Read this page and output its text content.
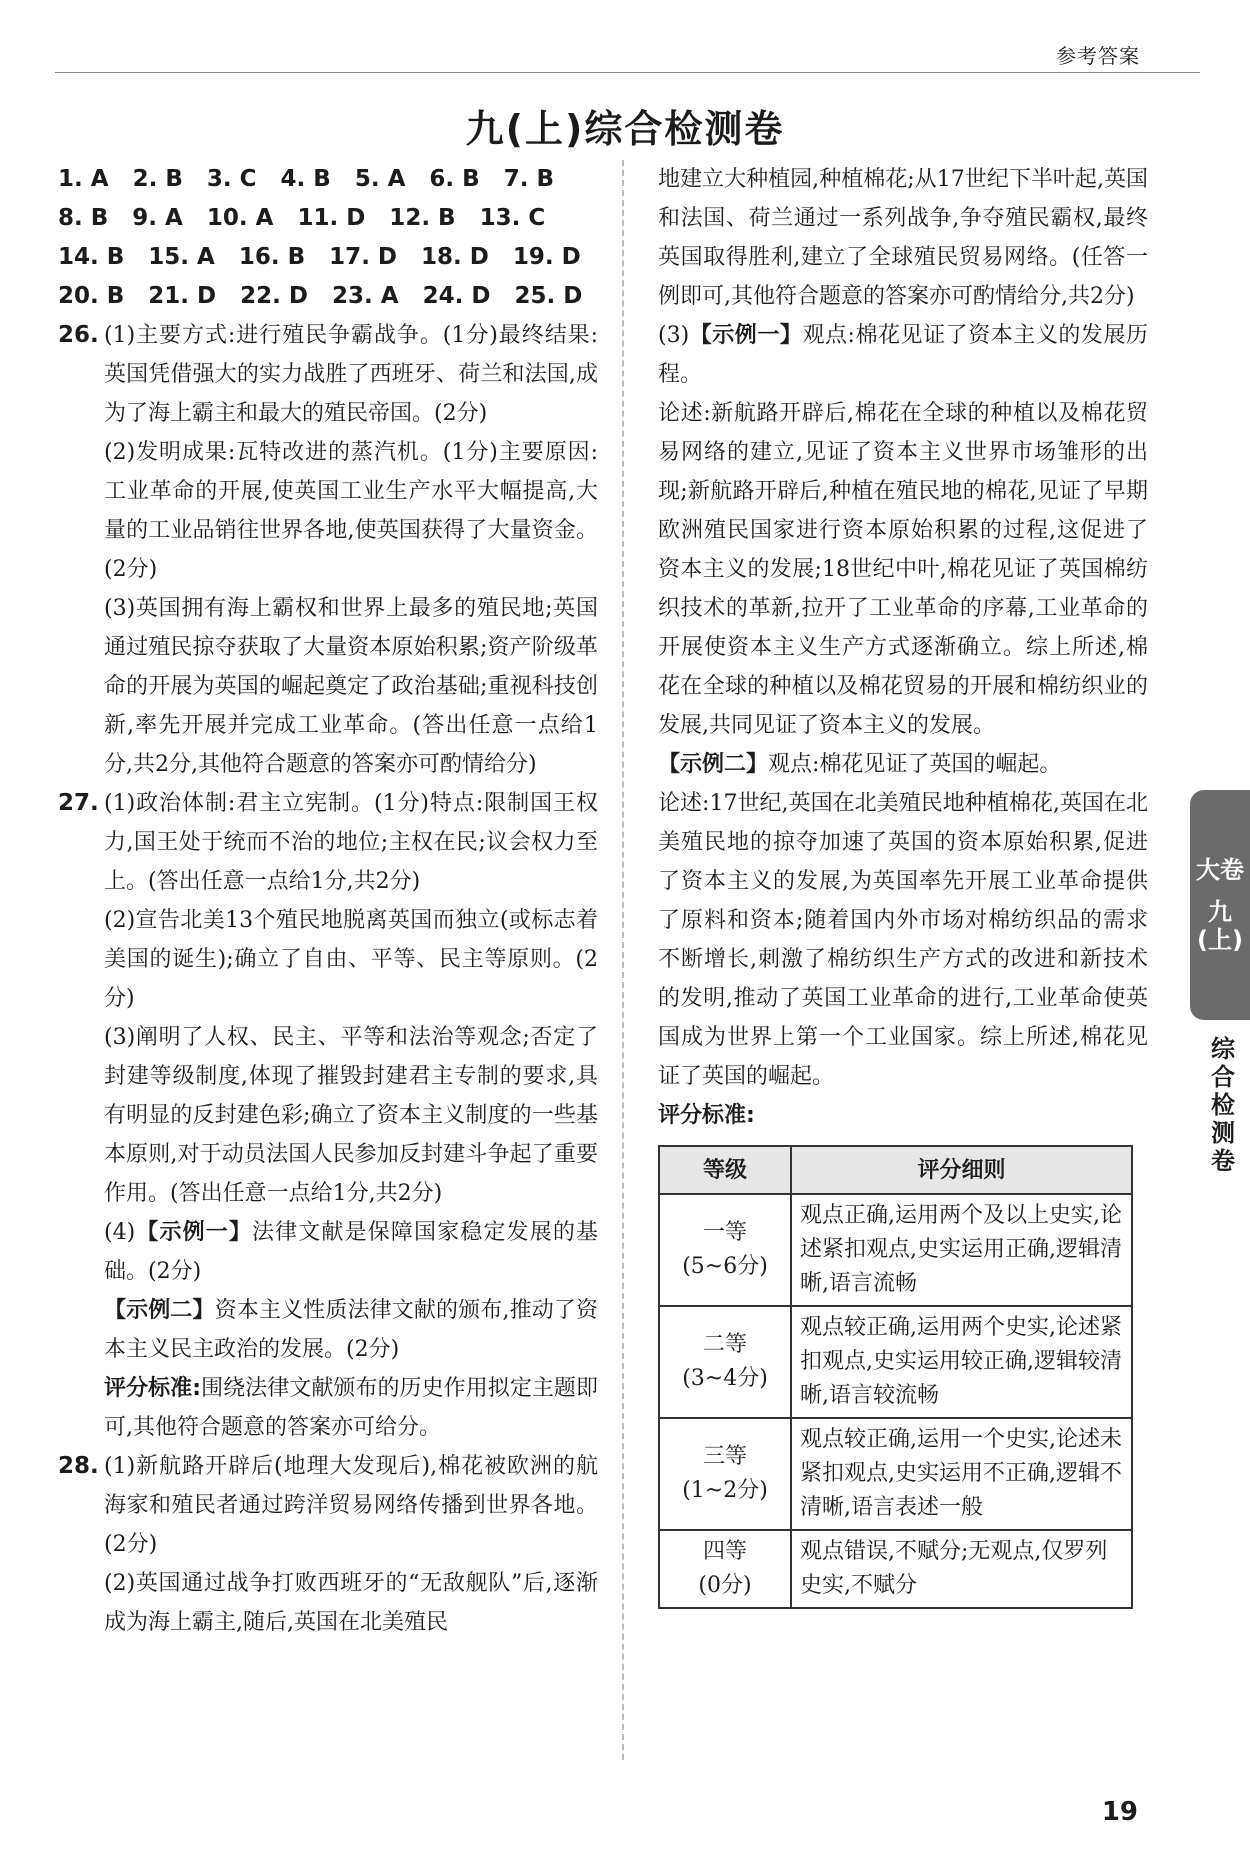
参考答案
九(上)综合检测卷
1. A   2. B   3. C   4. B   5. A   6. B   7. B
8. B   9. A   10. A   11. D   12. B   13. C
14. B   15. A   16. B   17. D   18. D   19. D
20. B   21. D   22. D   23. A   24. D   25. D
26. (1)主要方式:进行殖民争霸战争。(1分)最终结果:英国凭借强大的实力战胜了西班牙、荷兰和法国,成为了海上霸主和最大的殖民帝国。(2分)

(2)发明成果:瓦特改进的蒸汽机。(1分)主要原因:工业革命的开展,使英国工业生产水平大幅提高,大量的工业品销往世界各地,使英国获得了大量资金。(2分)

(3)英国拥有海上霸权和世界上最多的殖民地;英国通过殖民掠夺获取了大量资本原始积累;资产阶级革命的开展为英国的崛起奠定了政治基础;重视科技创新,率先开展并完成工业革命。(答出任意一点给1分,共2分,其他符合题意的答案亦可酌情给分)

27. (1)政治体制:君主立宪制。(1分)特点:限制国王权力,国王处于统而不治的地位;主权在民;议会权力至上。(答出任意一点给1分,共2分)

(2)宣告北美13个殖民地脱离英国而独立(或标志着美国的诞生);确立了自由、平等、民主等原则。(2分)

(3)阐明了人权、民主、平等和法治等观念;否定了封建等级制度,体现了摧毁封建君主专制的要求,具有明显的反封建色彩;确立了资本主义制度的一些基本原则,对于动员法国人民参加反封建斗争起了重要作用。(答出任意一点给1分,共2分)

(4)【示例一】法律文献是保障国家稳定发展的基础。(2分)

【示例二】资本主义性质法律文献的颁布,推动了资本主义民主政治的发展。(2分)

评分标准:围绕法律文献颁布的历史作用拟定主题即可,其他符合题意的答案亦可给分。

28. (1)新航路开辟后(地理大发现后),棉花被欧洲的航海家和殖民者通过跨洋贸易网络传播到世界各地。(2分)

(2)英国通过战争打败西班牙的“无敌舰队”后,逐渐成为海上霸主,随后,英国在北美殖民

地建立大种植园,种植棉花;从17世纪下半叶起,英国和法国、荷兰通过一系列战争,争夺殖民霸权,最终英国取得胜利,建立了全球殖民贸易网络。(任答一例即可,其他符合题意的答案亦可酌情给分,共2分)

(3)【示例一】观点:棉花见证了资本主义的发展历程。

论述:新航路开辟后,棉花在全球的种植以及棉花贸易网络的建立,见证了资本主义世界市场雏形的出现;新航路开辟后,种植在殖民地的棉花,见证了早期欧洲殖民国家进行资本原始积累的过程,这促进了资本主义的发展;18世纪中叶,棉花见证了英国棉纺织技术的革新,拉开了工业革命的序幕,工业革命的开展使资本主义生产方式逐渐确立。综上所述,棉花在全球的种植以及棉花贸易的开展和棉纺织业的发展,共同见证了资本主义的发展。

【示例二】观点:棉花见证了英国的崛起。

论述:17世纪,英国在北美殖民地种植棉花,英国在北美殖民地的掠夺加速了英国的资本原始积累,促进了资本主义的发展,为英国率先开展工业革命提供了原料和资本;随着国内外市场对棉纺织品的需求不断增长,刺激了棉纺织生产方式的改进和新技术的发明,推动了英国工业革命的进行,工业革命使英国成为世界上第一个工业国家。综上所述,棉花见证了英国的崛起。

评分标准:

等级	评分细则

一等
(5~6分)	观点正确,运用两个及以上史实,论述紧扣观点,史实运用正确,逻辑清晰,语言流畅

二等
(3~4分)	观点较正确,运用两个史实,论述紧扣观点,史实运用较正确,逻辑较清晰,语言较流畅

三等
(1~2分)	观点较正确,运用一个史实,论述未紧扣观点,史实运用不正确,逻辑不清晰,语言表述一般

四等
(0分)	观点错误,不赋分;无观点,仅罗列史实,不赋分
大卷
九(上)
综合检测卷
19
